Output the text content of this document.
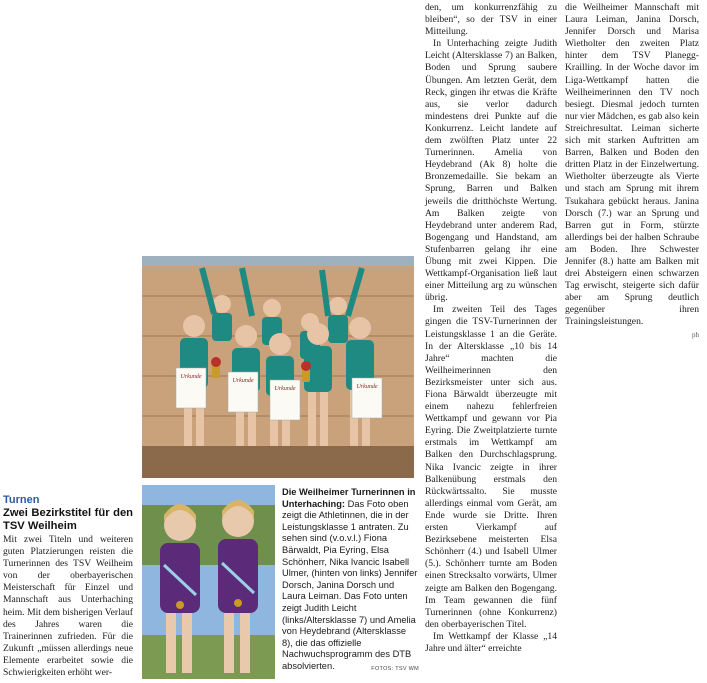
Turnen
Zwei Bezirkstitel für den TSV Weilheim

Mit zwei Titeln und weiteren guten Platzierungen reisten die Turnerinnen des TSV Weilheim von der oberbayerischen Meisterschaft für Einzel und Mannschaft aus Unterhaching heim. Mit dem bisherigen Verlauf des Jahres waren die Trainerinnen zufrieden. Für die Zukunft „müssen allerdings neue Elemente erarbeitet sowie die Schwierigkeiten erhöht wer-

den, um konkurrenzfähig zu bleiben“, so der TSV in einer Mitteilung.

In Unterhaching zeigte Judith Leicht (Altersklasse 7) an Balken, Boden und Sprung saubere Übungen. Am letzten Gerät, dem Reck, gingen ihr etwas die Kräfte aus, sie verlor dadurch mindestens drei Punkte auf die Konkurrenz. Leicht landete auf dem zwölften Platz unter 22 Turnerinnen. Amelia von Heydebrand (Ak 8) holte die Bronzemedaille. Sie bekam an Sprung, Barren und Balken jeweils die dritthöchste Wertung. Am Balken zeigte von Heydebrand unter anderem Rad, Bogengang und Handstand, am Stufenbarren gelang ihr eine Übung mit zwei Kippen. Die Wettkampf-Organisation ließ laut einer Mitteilung arg zu wünschen übrig.

Im zweiten Teil des Tages gingen die TSV-Turnerinnen der Leistungsklasse 1 an die Geräte. In der Altersklasse „10 bis 14 Jahre“ machten die Weilheimerinnen den Bezirksmeister unter sich aus. Fiona Bärwaldt überzeugte mit einem nahezu fehlerfreien Wettkampf und gewann vor Pia Eyring. Die Zweitplatzierte turnte erstmals im Wettkampf am Balken den Durchschlagsprung. Nika Ivancic zeigte in ihrer Balkenübung erstmals den Rückwärtssalto. Sie musste allerdings einmal vom Gerät, am Ende wurde sie Dritte. Ihren ersten Vierkampf auf Bezirksebene meisterten Elsa Schönherr (4.) und Isabell Ulmer (5.). Schönherr turnte am Boden einen Strecksalto vorwärts, Ulmer zeigte am Balken den Bogengang. Im Team gewannen die fünf Turnerinnen (ohne Konkurrenz) den oberbayerischen Titel.

Im Wettkampf der Klasse „14 Jahre und älter“ erreichte

die Weilheimer Mannschaft mit Laura Leiman, Janina Dorsch, Jennifer Dorsch und Marisa Wietholter den zweiten Platz hinter dem TSV Planegg-Krailling. In der Woche davor im Liga-Wettkampf hatten die Weilheimerinnen den TV noch besiegt. Diesmal jedoch turnten nur vier Mädchen, es gab also kein Streichresultat. Leiman sicherte sich mit starken Auftritten am Barren, Balken und Boden den dritten Platz in der Einzelwertung. Wietholter überzeugte als Vierte und stach am Sprung mit ihrem Tsukahara gebückt heraus. Janina Dorsch (7.) war an Sprung und Barren gut in Form, stürzte allerdings bei der halben Schraube am Boden. Ihre Schwester Jennifer (8.) hatte am Balken mit drei Absteigern einen schwarzen Tag erwischt, steigerte sich dafür aber am Sprung deutlich gegenüber ihren Trainingsleistungen.

ph
Urkunde
Urkunde
Urkunde	Urkunde
Die Weilheimer Turnerinnen in Unterhaching: Das Foto oben zeigt die Athletinnen, die in der Leistungsklasse 1 antraten. Zu sehen sind (v.o.v.l.) Fiona Bärwaldt, Pia Eyring, Elsa Schönherr, Nika Ivancic Isabell Ulmer, (hinten von links) Jennifer Dorsch, Janina Dorsch und Laura Leiman. Das Foto unten zeigt Judith Leicht (links/Altersklasse 7) und Amelia von Heydebrand (Altersklasse 8), die das offizielle Nachwuchsprogramm des DTB absolvierten.	FOTOS: TSV WM
